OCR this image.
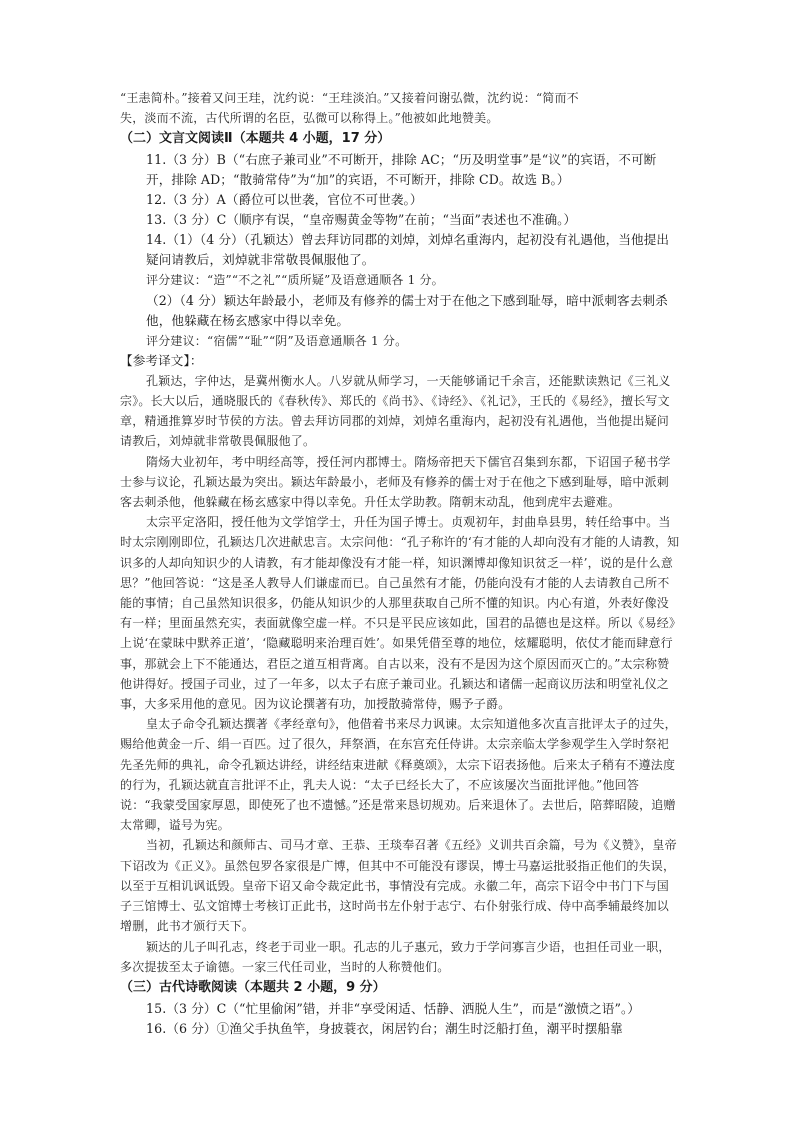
“王恚简朴。”接着又问王珪，沈约说：“王珪淡泊。”又接着问谢弘微，沈约说：“简而不

失，淡而不流，古代所谓的名臣，弘微可以称得上。”他被如此地赞美。

（二）文言文阅读Ⅱ（本题共 4 小题，17 分）

11.（3 分）B（“右庶子兼司业”不可断开，排除 AC；“历及明堂事”是“议”的宾语，不可断开，排除 AD；“散骑常侍”为“加”的宾语，不可断开，排除 CD。故选 B。）

12.（3 分）A（爵位可以世袭，官位不可世袭。）

13.（3 分）C（顺序有误，“皇帝赐黄金等物”在前；“当面”表述也不准确。）

14.（1）（4 分）（孔颖达）曾去拜访同郡的刘焯，刘焯名重海内，起初没有礼遇他，当他提出疑问请教后，刘焯就非常敬畏佩服他了。

评分建议：“造”“不之礼”“质所疑”及语意通顺各 1 分。

（2）（4 分）颖达年龄最小，老师及有修养的儒士对于在他之下感到耻辱，暗中派刺客去刺杀他，他躲藏在杨玄感家中得以幸免。

评分建议：“宿儒”“耻”“阴”及语意通顺各 1 分。

【参考译文】：

孔颖达，字仲达，是冀州衡水人。八岁就从师学习，一天能够诵记千余言，还能默读熟记《三礼义宗》。长大以后，通晓服氏的《春秋传》、郑氏的《尚书》、《诗经》、《礼记》，王氏的《易经》，擅长写文章，精通推算岁时节侯的方法。曾去拜访同郡的刘焯，刘焯名重海内，起初没有礼遇他，当他提出疑问请教后，刘焯就非常敬畏佩服他了。

隋炀大业初年，考中明经高等，授任河内郡博士。隋炀帝把天下儒官召集到东都，下诏国子秘书学士参与议论，孔颖达最为突出。颖达年龄最小，老师及有修养的儒士对于在他之下感到耻辱，暗中派刺客去刺杀他，他躲藏在杨玄感家中得以幸免。升任太学助教。隋朝末动乱，他到虎牢去避难。

太宗平定洛阳，授任他为文学馆学士，升任为国子博士。贞观初年，封曲阜县男，转任给事中。当时太宗刚刚即位，孔颖达几次进献忠言。太宗问他：“孔子称许的‘有才能的人却向没有才能的人请教，知识多的人却向知识少的人请教，有才能却像没有才能一样，知识渊博却像知识贫乏一样’，说的是什么意思？”他回答说：“这是圣人教导人们谦虚而已。自己虽然有才能，仍能向没有才能的人去请教自己所不能的事情；自己虽然知识很多，仍能从知识少的人那里获取自己所不懂的知识。内心有道，外表好像没有一样；里面虽然充实，表面就像空虚一样。不只是平民应该如此，国君的品德也是这样。所以《易经》上说‘在蒙昧中默养正道’，‘隐藏聪明来治理百姓’。如果凭借至尊的地位，炫耀聪明，依仗才能而肆意行事，那就会上下不能通达，君臣之道互相背离。自古以来，没有不是因为这个原因而灭亡的。”太宗称赞他讲得好。授国子司业，过了一年多，以太子右庶子兼司业。孔颖达和诸儒一起商议历法和明堂礼仪之事，大多采用他的意见。因为议论撰著有功，加授散骑常侍，赐予子爵。

皇太子命令孔颖达撰著《孝经章句》，他借着书来尽力讽谏。太宗知道他多次直言批评太子的过失，赐给他黄金一斤、绢一百匹。过了很久，拜祭酒，在东宫充任侍讲。太宗亲临太学参观学生入学时祭祀先圣先师的典礼，命令孔颖达讲经，讲经结束进献《释奠颂》，太宗下诏表扬他。后来太子稍有不遵法度的行为，孔颖达就直言批评不止，乳夫人说：“太子已经长大了，不应该屡次当面批评他。”他回答说：“我蒙受国家厚恩，即使死了也不遗憾。”还是常来恳切规劝。后来退休了。去世后，陪葬昭陵，追赠太常卿，谥号为宪。

当初，孔颖达和颜师古、司马才章、王恭、王琰奉召著《五经》义训共百余篇，号为《义赞》，皇帝下诏改为《正义》。虽然包罗各家很是广博，但其中不可能没有谬误，博士马嘉运批驳指正他们的失误，以至于互相讥讽诋毁。皇帝下诏又命令裁定此书，事情没有完成。永徽二年，高宗下诏令中书门下与国子三馆博士、弘文馆博士考核订正此书，这时尚书左仆射于志宁、右仆射张行成、侍中高季辅最终加以增删，此书才颁行天下。

颖达的儿子叫孔志，终老于司业一职。孔志的儿子惠元，致力于学问寡言少语，也担任司业一职，多次提拔至太子谕德。一家三代任司业，当时的人称赞他们。

（三）古代诗歌阅读（本题共 2 小题，9 分）

15.（3 分）C（“忙里偷闲”错，并非“享受闲适、恬静、洒脱人生”，而是“激愤之语”。）

16.（6 分）①渔父手执鱼竿，身披蓑衣，闲居钓台；潮生时泛船打鱼，潮平时摆船靠
